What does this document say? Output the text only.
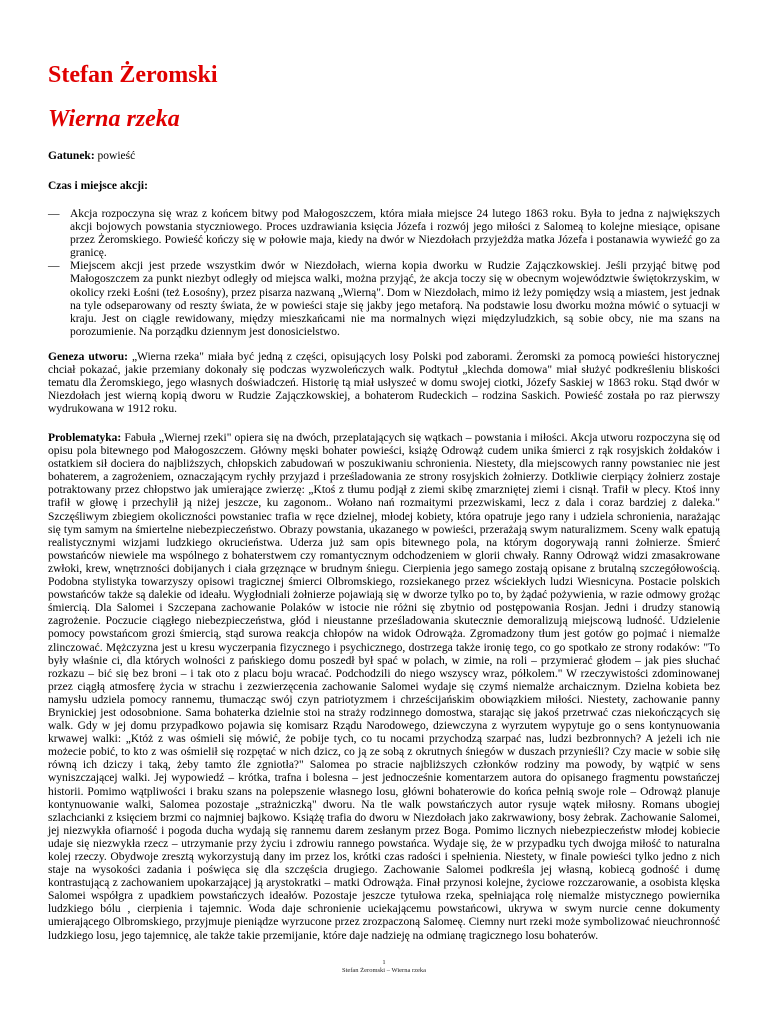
Stefan Żeromski
Wierna rzeka
Gatunek: powieść
Czas i miejsce akcji:
— Akcja rozpoczyna się wraz z końcem bitwy pod Małogoszczem, która miała miejsce 24 lutego 1863 roku. Była to jedna z największych akcji bojowych powstania styczniowego. Proces uzdrawiania księcia Józefa i rozwój jego miłości z Salomeą to kolejne miesiące, opisane przez Żeromskiego. Powieść kończy się w połowie maja, kiedy na dwór w Niezdołach przyjeżdża matka Józefa i postanawia wywieźć go za granicę.
— Miejscem akcji jest przede wszystkim dwór w Niezdołach, wierna kopia dworku w Rudzie Zajączkowskiej. Jeśli przyjąć bitwę pod Małogoszczem za punkt niezbyt odległy od miejsca walki, można przyjąć, że akcja toczy się w obecnym województwie świętokrzyskim, w okolicy rzeki Łośni (też Łosośny), przez pisarza nazwaną „Wierną". Dom w Niezdołach, mimo iż leży pomiędzy wsią a miastem, jest jednak na tyle odseparowany od reszty świata, że w powieści staje się jakby jego metaforą. Na podstawie losu dworku można mówić o sytuacji w kraju. Jest on ciągle rewidowany, między mieszkańcami nie ma normalnych więzi międzyludzkich, są sobie obcy, nie ma szans na porozumienie. Na porządku dziennym jest donosicielstwo.
Geneza utworu: „Wierna rzeka" miała być jedną z części, opisujących losy Polski pod zaborami. Żeromski za pomocą powieści historycznej chciał pokazać, jakie przemiany dokonały się podczas wyzwoleńczych walk. Podtytuł „klechda domowa" miał służyć podkreśleniu bliskości tematu dla Żeromskiego, jego własnych doświadczeń. Historię tą miał usłyszeć w domu swojej ciotki, Józefy Saskiej w 1863 roku. Stąd dwór w Niezdołach jest wierną kopią dworu w Rudzie Zajączkowskiej, a bohaterom Rudeckich – rodzina Saskich. Powieść została po raz pierwszy wydrukowana w 1912 roku.
Problematyka: Fabuła „Wiernej rzeki" opiera się na dwóch, przeplatających się wątkach – powstania i miłości. Akcja utworu rozpoczyna się od opisu pola bitewnego pod Małogoszczem. Główny męski bohater powieści, książę Odrowąż cudem unika śmierci z rąk rosyjskich żołdaków i ostatkiem sił dociera do najbliższych, chłopskich zabudowań w poszukiwaniu schronienia. Niestety, dla miejscowych ranny powstaniec nie jest bohaterem, a zagrożeniem, oznaczającym rychły przyjazd i prześladowania ze strony rosyjskich żołnierzy. Dotkliwie cierpiący żołnierz zostaje potraktowany przez chłopstwo jak umierające zwierzę: „Ktoś z tłumu podjął z ziemi skibę zmarzniętej ziemi i cisnął. Trafił w plecy. Ktoś inny trafił w głowę i przechylił ją niżej jeszcze, ku zagonom.. Wołano nań rozmaitymi przezwiskami, lecz z dala i coraz bardziej z daleka." Szczęśliwym zbiegiem okoliczności powstaniec trafia w ręce dzielnej, młodej kobiety, która opatruje jego rany i udziela schronienia, narażając się tym samym na śmiertelne niebezpieczeństwo. Obrazy powstania, ukazanego w powieści, przerażają swym naturalizmem. Sceny walk epatują realistycznymi wizjami ludzkiego okrucieństwa. Uderza już sam opis bitewnego pola, na którym dogorywają ranni żołnierze. Śmierć powstańców niewiele ma wspólnego z bohaterstwem czy romantycznym odchodzeniem w glorii chwały. Ranny Odrowąż widzi zmasakrowane zwłoki, krew, wnętrzności dobijanych i ciała grzęznące w brudnym śniegu. Cierpienia jego samego zostają opisane z brutalną szczegółowością. Podobna stylistyka towarzyszy opisowi tragicznej śmierci Olbromskiego, rozsiekanego przez wściekłych ludzi Wiesnicyna. Postacie polskich powstańców także są dalekie od ideału. Wygłodniali żołnierze pojawiają się w dworze tylko po to, by żądać pożywienia, w razie odmowy grożąc śmiercią. Dla Salomei i Szczepana zachowanie Polaków w istocie nie różni się zbytnio od postępowania Rosjan. Jedni i drudzy stanowią zagrożenie. Poczucie ciągłego niebezpieczeństwa, głód i nieustanne prześladowania skutecznie demoralizują miejscową ludność. Udzielenie pomocy powstańcom grozi śmiercią, stąd surowa reakcja chłopów na widok Odrowąża. Zgromadzony tłum jest gotów go pojmać i niemalże zlinczować. Mężczyzna jest u kresu wyczerpania fizycznego i psychicznego, dostrzega także ironię tego, co go spotkało ze strony rodaków: "To były właśnie ci, dla których wolności z pańskiego domu poszedł był spać w polach, w zimie, na roli – przymierać głodem – jak pies słuchać rozkazu – bić się bez broni – i tak oto z placu boju wracać. Podchodzili do niego wszyscy wraz, półkolem." W rzeczywistości zdominowanej przez ciągłą atmosferę życia w strachu i zezwierzęcenia zachowanie Salomei wydaje się czymś niemalże archaicznym. Dzielna kobieta bez namysłu udziela pomocy rannemu, tłumacząc swój czyn patriotyzmem i chrześcijańskim obowiązkiem miłości. Niestety, zachowanie panny Brynickiej jest odosobnione. Sama bohaterka dzielnie stoi na straży rodzinnego domostwa, starając się jakoś przetrwać czas niekończących się walk. Gdy w jej domu przypadkowo pojawia się komisarz Rządu Narodowego, dziewczyna z wyrzutem wypytuje go o sens kontynuowania krwawej walki: „Któż z was ośmieli się mówić, że pobije tych, co tu nocami przychodzą szarpać nas, ludzi bezbronnych? A jeżeli ich nie możecie pobić, to kto z was ośmielił się rozpętać w nich dzicz, co ją ze sobą z okrutnych śniegów w duszach przynieśli? Czy macie w sobie siłę równą ich dziczy i taką, żeby tamto źle zgniotła?" Salomea po stracie najbliższych członków rodziny ma powody, by wątpić w sens wyniszczającej walki. Jej wypowiedź – krótka, trafna i bolesna – jest jednocześnie komentarzem autora do opisanego fragmentu powstańczej historii. Pomimo wątpliwości i braku szans na polepszenie własnego losu, główni bohaterowie do końca pełnią swoje role – Odrowąż planuje kontynuowanie walki, Salomea pozostaje „strażniczką" dworu. Na tle walk powstańczych autor rysuje wątek miłosny. Romans ubogiej szlachcianki z księciem brzmi co najmniej bajkowo. Książę trafia do dworu w Niezdołach jako zakrwawiony, bosy żebrak. Zachowanie Salomei, jej niezwykła ofiarność i pogoda ducha wydają się rannemu darem zesłanym przez Boga. Pomimo licznych niebezpieczeństw młodej kobiecie udaje się niezwykła rzecz – utrzymanie przy życiu i zdrowiu rannego powstańca. Wydaje się, że w przypadku tych dwojga miłość to naturalna kolej rzeczy. Obydwoje zresztą wykorzystują dany im przez los, krótki czas radości i spełnienia. Niestety, w finale powieści tylko jedno z nich staje na wysokości zadania i poświęca się dla szczęścia drugiego. Zachowanie Salomei podkreśla jej własną, kobiecą godność i dumę kontrastującą z zachowaniem upokarzającej ją arystokratki – matki Odrowąża. Finał przynosi kolejne, życiowe rozczarowanie, a osobista klęska Salomei współgra z upadkiem powstańczych ideałów. Pozostaje jeszcze tytułowa rzeka, spełniająca rolę niemalże mistycznego powiernika ludzkiego bólu , cierpienia i tajemnic. Woda daje schronienie uciekającemu powstańcowi, ukrywa w swym nurcie cenne dokumenty umierającego Olbromskiego, przyjmuje pieniądze wyrzucone przez zrozpaczoną Salomeę. Ciemny nurt rzeki może symbolizować nieuchronność ludzkiego losu, jego tajemnicę, ale także takie przemijanie, które daje nadzieję na odmianę tragicznego losu bohaterów.
1
Stefan Żeromski – Wierna rzeka
